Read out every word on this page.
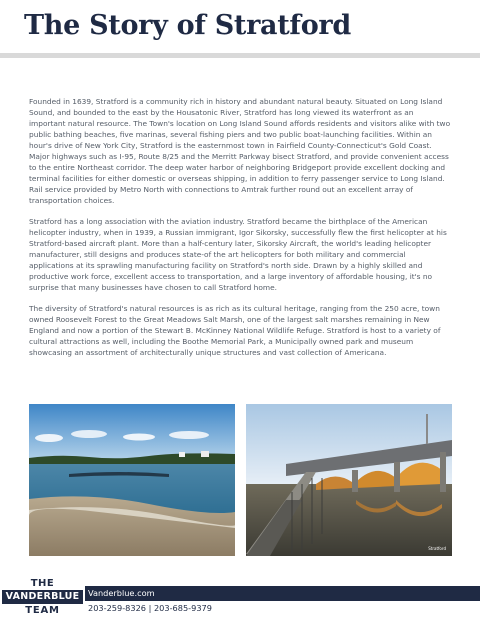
The Story of Stratford

Founded in 1639, Stratford is a community rich in history and abundant natural beauty. Situated on Long Island Sound, and bounded to the east by the Housatonic River, Stratford has long viewed its waterfront as an important natural resource. The Town's location on Long Island Sound affords residents and visitors alike with two public bathing beaches, five marinas, several fishing piers and two public boat-launching facilities. Within an hour's drive of New York City, Stratford is the easternmost town in Fairfield County-Connecticut's Gold Coast. Major highways such as I-95, Route 8/25 and the Merritt Parkway bisect Stratford, and provide convenient access to the entire Northeast corridor. The deep water harbor of neighboring Bridgeport provide excellent docking and terminal facilities for either domestic or overseas shipping, in addition to ferry passenger service to Long Island. Rail service provided by Metro North with connections to Amtrak further round out an excellent array of transportation choices.

Stratford has a long association with the aviation industry. Stratford became the birthplace of the American helicopter industry, when in 1939, a Russian immigrant, Igor Sikorsky, successfully flew the first helicopter at his Stratford-based aircraft plant. More than a half-century later, Sikorsky Aircraft, the world's leading helicopter manufacturer, still designs and produces state-of the art helicopters for both military and commercial applications at its sprawling manufacturing facility on Stratford's north side. Drawn by a highly skilled and productive work force, excellent access to transportation, and a large inventory of affordable housing, it's no surprise that many businesses have chosen to call Stratford home.

The diversity of Stratford's natural resources is as rich as its cultural heritage, ranging from the 250 acre, town owned Roosevelt Forest to the Great Meadows Salt Marsh, one of the largest salt marshes remaining in New England and now a portion of the Stewart B. McKinney National Wildlife Refuge. Stratford is host to a variety of cultural attractions as well, including the Boothe Memorial Park, a Municipally owned park and museum showcasing an assortment of architecturally unique structures and vast collection of Americana.

Stratford
THE
VANDERBLUE
TEAM
Vanderblue.com
203-259-8326 | 203-685-9379
